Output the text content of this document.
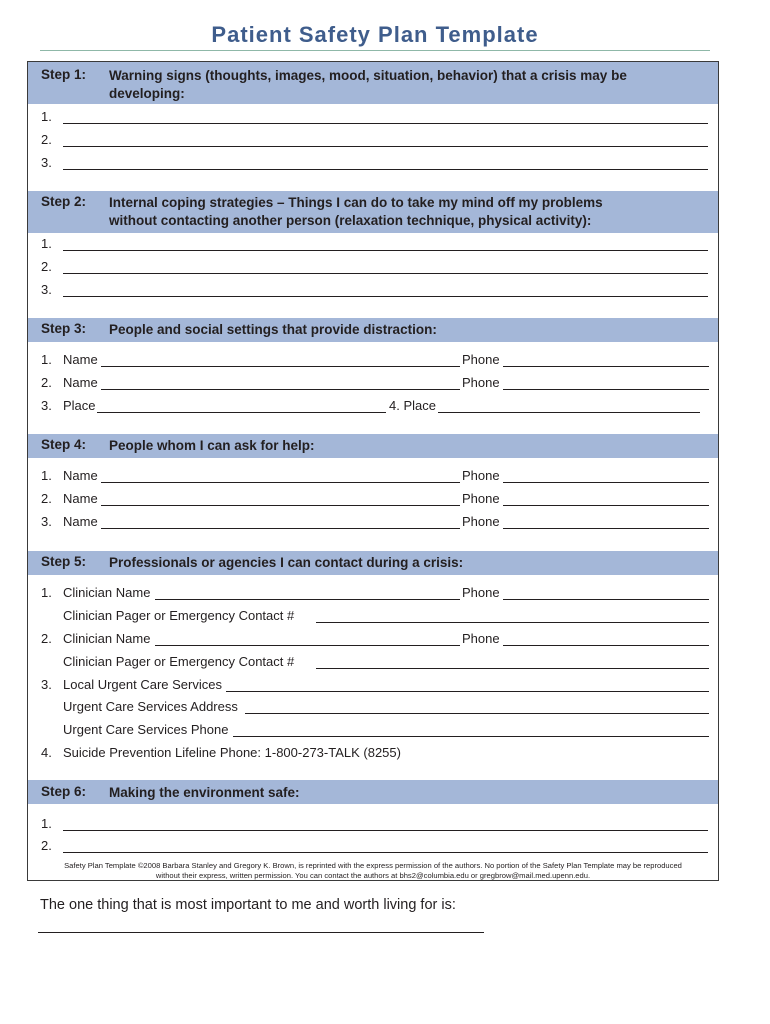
Patient Safety Plan Template
Step 1: Warning signs (thoughts, images, mood, situation, behavior) that a crisis may be
developing:
1.
2.
3.
Step 2: Internal coping strategies – Things I can do to take my mind off my problems
without contacting another person (relaxation technique, physical activity):
1.
2.
3.
Step 3: People and social settings that provide distraction:
1. Name	Phone
2. Name	Phone
3. Place	4. Place
Step 4: People whom I can ask for help:
1. Name	Phone
2. Name	Phone
3. Name	Phone
Step 5: Professionals or agencies I can contact during a crisis:
1. Clinician Name	Phone
Clinician Pager or Emergency Contact #
2. Clinician Name	Phone
Clinician Pager or Emergency Contact #
3. Local Urgent Care Services
Urgent Care Services Address
Urgent Care Services Phone
4. Suicide Prevention Lifeline Phone: 1-800-273-TALK (8255)
Step 6: Making the environment safe:
1.
2.
Safety Plan Template ©2008 Barbara Stanley and Gregory K. Brown, is reprinted with the express permission of the authors. No portion of the Safety Plan Template may be reproduced
without their express, written permission. You can contact the authors at bhs2@columbia.edu or gregbrow@mail.med.upenn.edu.
The one thing that is most important to me and worth living for is:
